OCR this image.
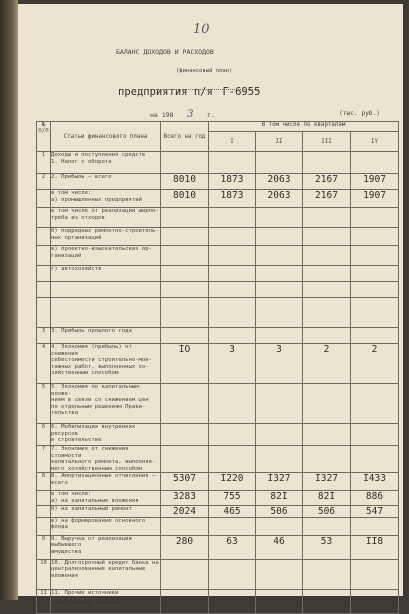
10
БАЛАНС ДОХОДОВ И РАСХОДОВ
(финансовый план)
предприятия п/я Г-6955
на 198 3 г.	(тыс. руб.)
№ п/п	Статьи финансового плана	Всего на год	В том числе по кварталам			
			I	II	III	IY
1	Доходы и поступления средств
1. Налог с оборота					
2	2. Прибыль — всего	8010	1873	2063	2167	1907
	в том числе:
а) промышленных предприятий	8010	1873	2063	2167	1907
	в том числе от реализации ширпо-
треба из отходов					
	б) подрядных ремонтно-строитель-
ных организаций					
	в) проектно-изыскательских ор-
ганизаций					
	г) автохозяйств					

3	3. Прибыль прошлого года					
4	4. Экономия (прибыль) от снижения
себестоимости строительно-мон-
тажных работ, выполненных хо-
зяйственным способом	IO	3	3	2	2
5	5. Экономия по капитальным вложе-
ниям в связи со снижением цен
по отдельным решениям Прави-
тельства					
6	6. Мобилизация внутренних ресурсов
в строительстве					
7	7. Экономия от снижения стоимости
капитального ремонта, выполняе-
мого хозяйственным способом					
8	8. Амортизационные отчисления —
всего	5307	I220	I327	I327	I433
	в том числе:
а) на капитальные вложения	3283	755	82I	82I	886
	б) на капитальный ремонт	2024	465	506	506	547
	в) на формирование основного
фонда					
9	9. Выручка от реализации выбывшего
имущества	280	63	46	53	II8
10	10. Долгосрочный кредит банка на
централизованные капитальные
вложения					
11	11. Прочие источники финансирования
капитальных вложений					
